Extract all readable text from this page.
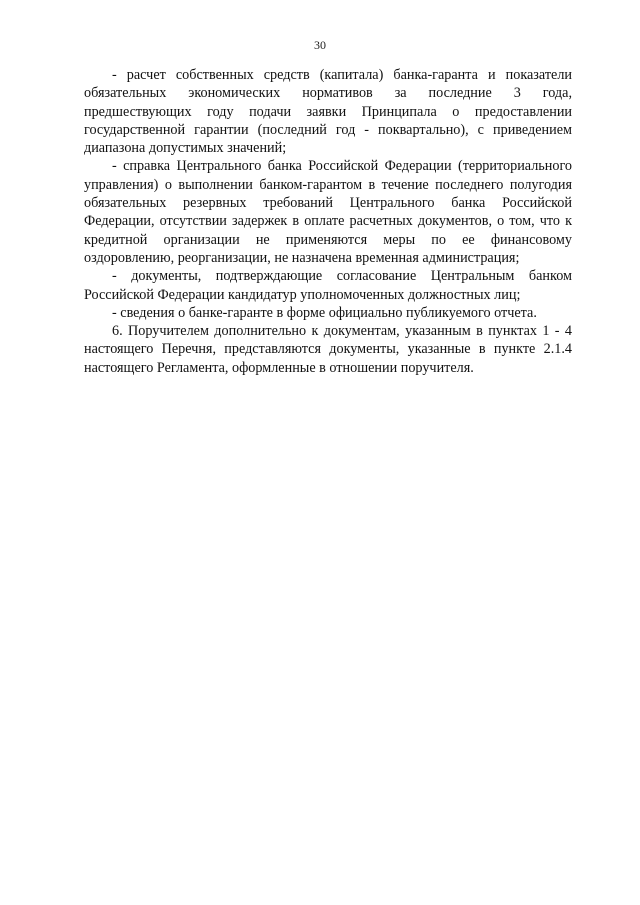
30

- расчет собственных средств (капитала) банка-гаранта и показатели обязательных экономических нормативов за последние 3 года, предшествующих году подачи заявки Принципала о предоставлении государственной гарантии (последний год - поквартально), с приведением диапазона допустимых значений;

- справка Центрального банка Российской Федерации (территориального управления) о выполнении банком-гарантом в течение последнего полугодия обязательных резервных требований Центрального банка Российской Федерации, отсутствии задержек в оплате расчетных документов, о том, что к кредитной организации не применяются меры по ее финансовому оздоровлению, реорганизации, не назначена временная администрация;

- документы, подтверждающие согласование Центральным банком Российской Федерации кандидатур уполномоченных должностных лиц;

- сведения о банке-гаранте в форме официально публикуемого отчета.

6. Поручителем дополнительно к документам, указанным в пунктах 1 - 4 настоящего Перечня, представляются документы, указанные в пункте 2.1.4 настоящего Регламента, оформленные в отношении поручителя.
